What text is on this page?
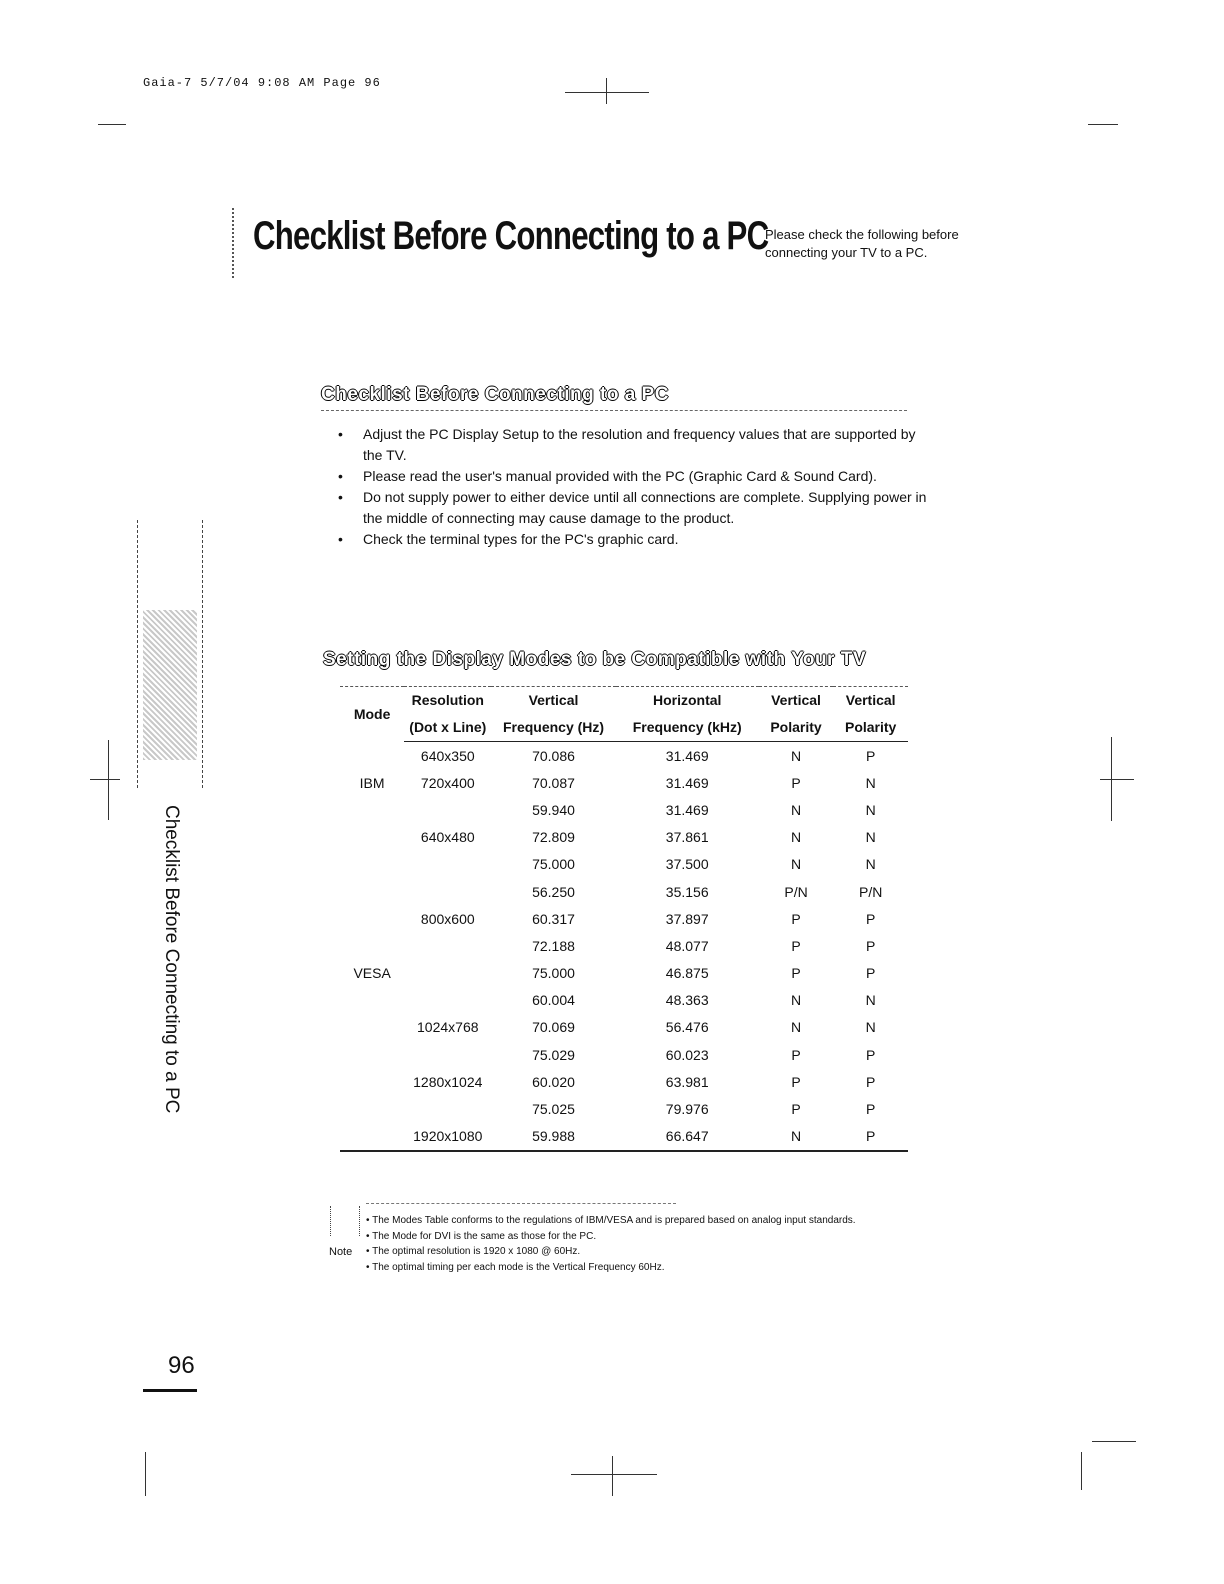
Gaia-7 5/7/04 9:08 AM Page 96
Checklist Before Connecting to a PC
Please check the following before connecting your TV to a PC.
Checklist Before Connecting to a PC
Checklist Before Connecting to a PC
• Adjust the PC Display Setup to the resolution and frequency values that are supported by the TV.
• Please read the user's manual provided with the PC (Graphic Card & Sound Card).
• Do not supply power to either device until all connections are complete. Supplying power in the middle of connecting may cause damage to the product.
• Check the terminal types for the PC's graphic card.
Setting the Display Modes to be Compatible with Your TV
Mode	Resolution	Vertical	Horizontal	Vertical	Vertical
	(Dot x Line)	Frequency (Hz)	Frequency (kHz)	Polarity	Polarity
	640x350	70.086	31.469	N	P
IBM	720x400	70.087	31.469	P	N
		59.940	31.469	N	N
	640x480	72.809	37.861	N	N
		75.000	37.500	N	N
		56.250	35.156	P/N	P/N
	800x600	60.317	37.897	P	P
		72.188	48.077	P	P
VESA		75.000	46.875	P	P
		60.004	48.363	N	N
	1024x768	70.069	56.476	N	N
		75.029	60.023	P	P
	1280x1024	60.020	63.981	P	P
		75.025	79.976	P	P
	1920x1080	59.988	66.647	N	P
Note
• The Modes Table conforms to the regulations of IBM/VESA and is prepared based on analog input standards.
• The Mode for DVI is the same as those for the PC.
• The optimal resolution is 1920 x 1080 @ 60Hz.
• The optimal timing per each mode is the Vertical Frequency 60Hz.
96
